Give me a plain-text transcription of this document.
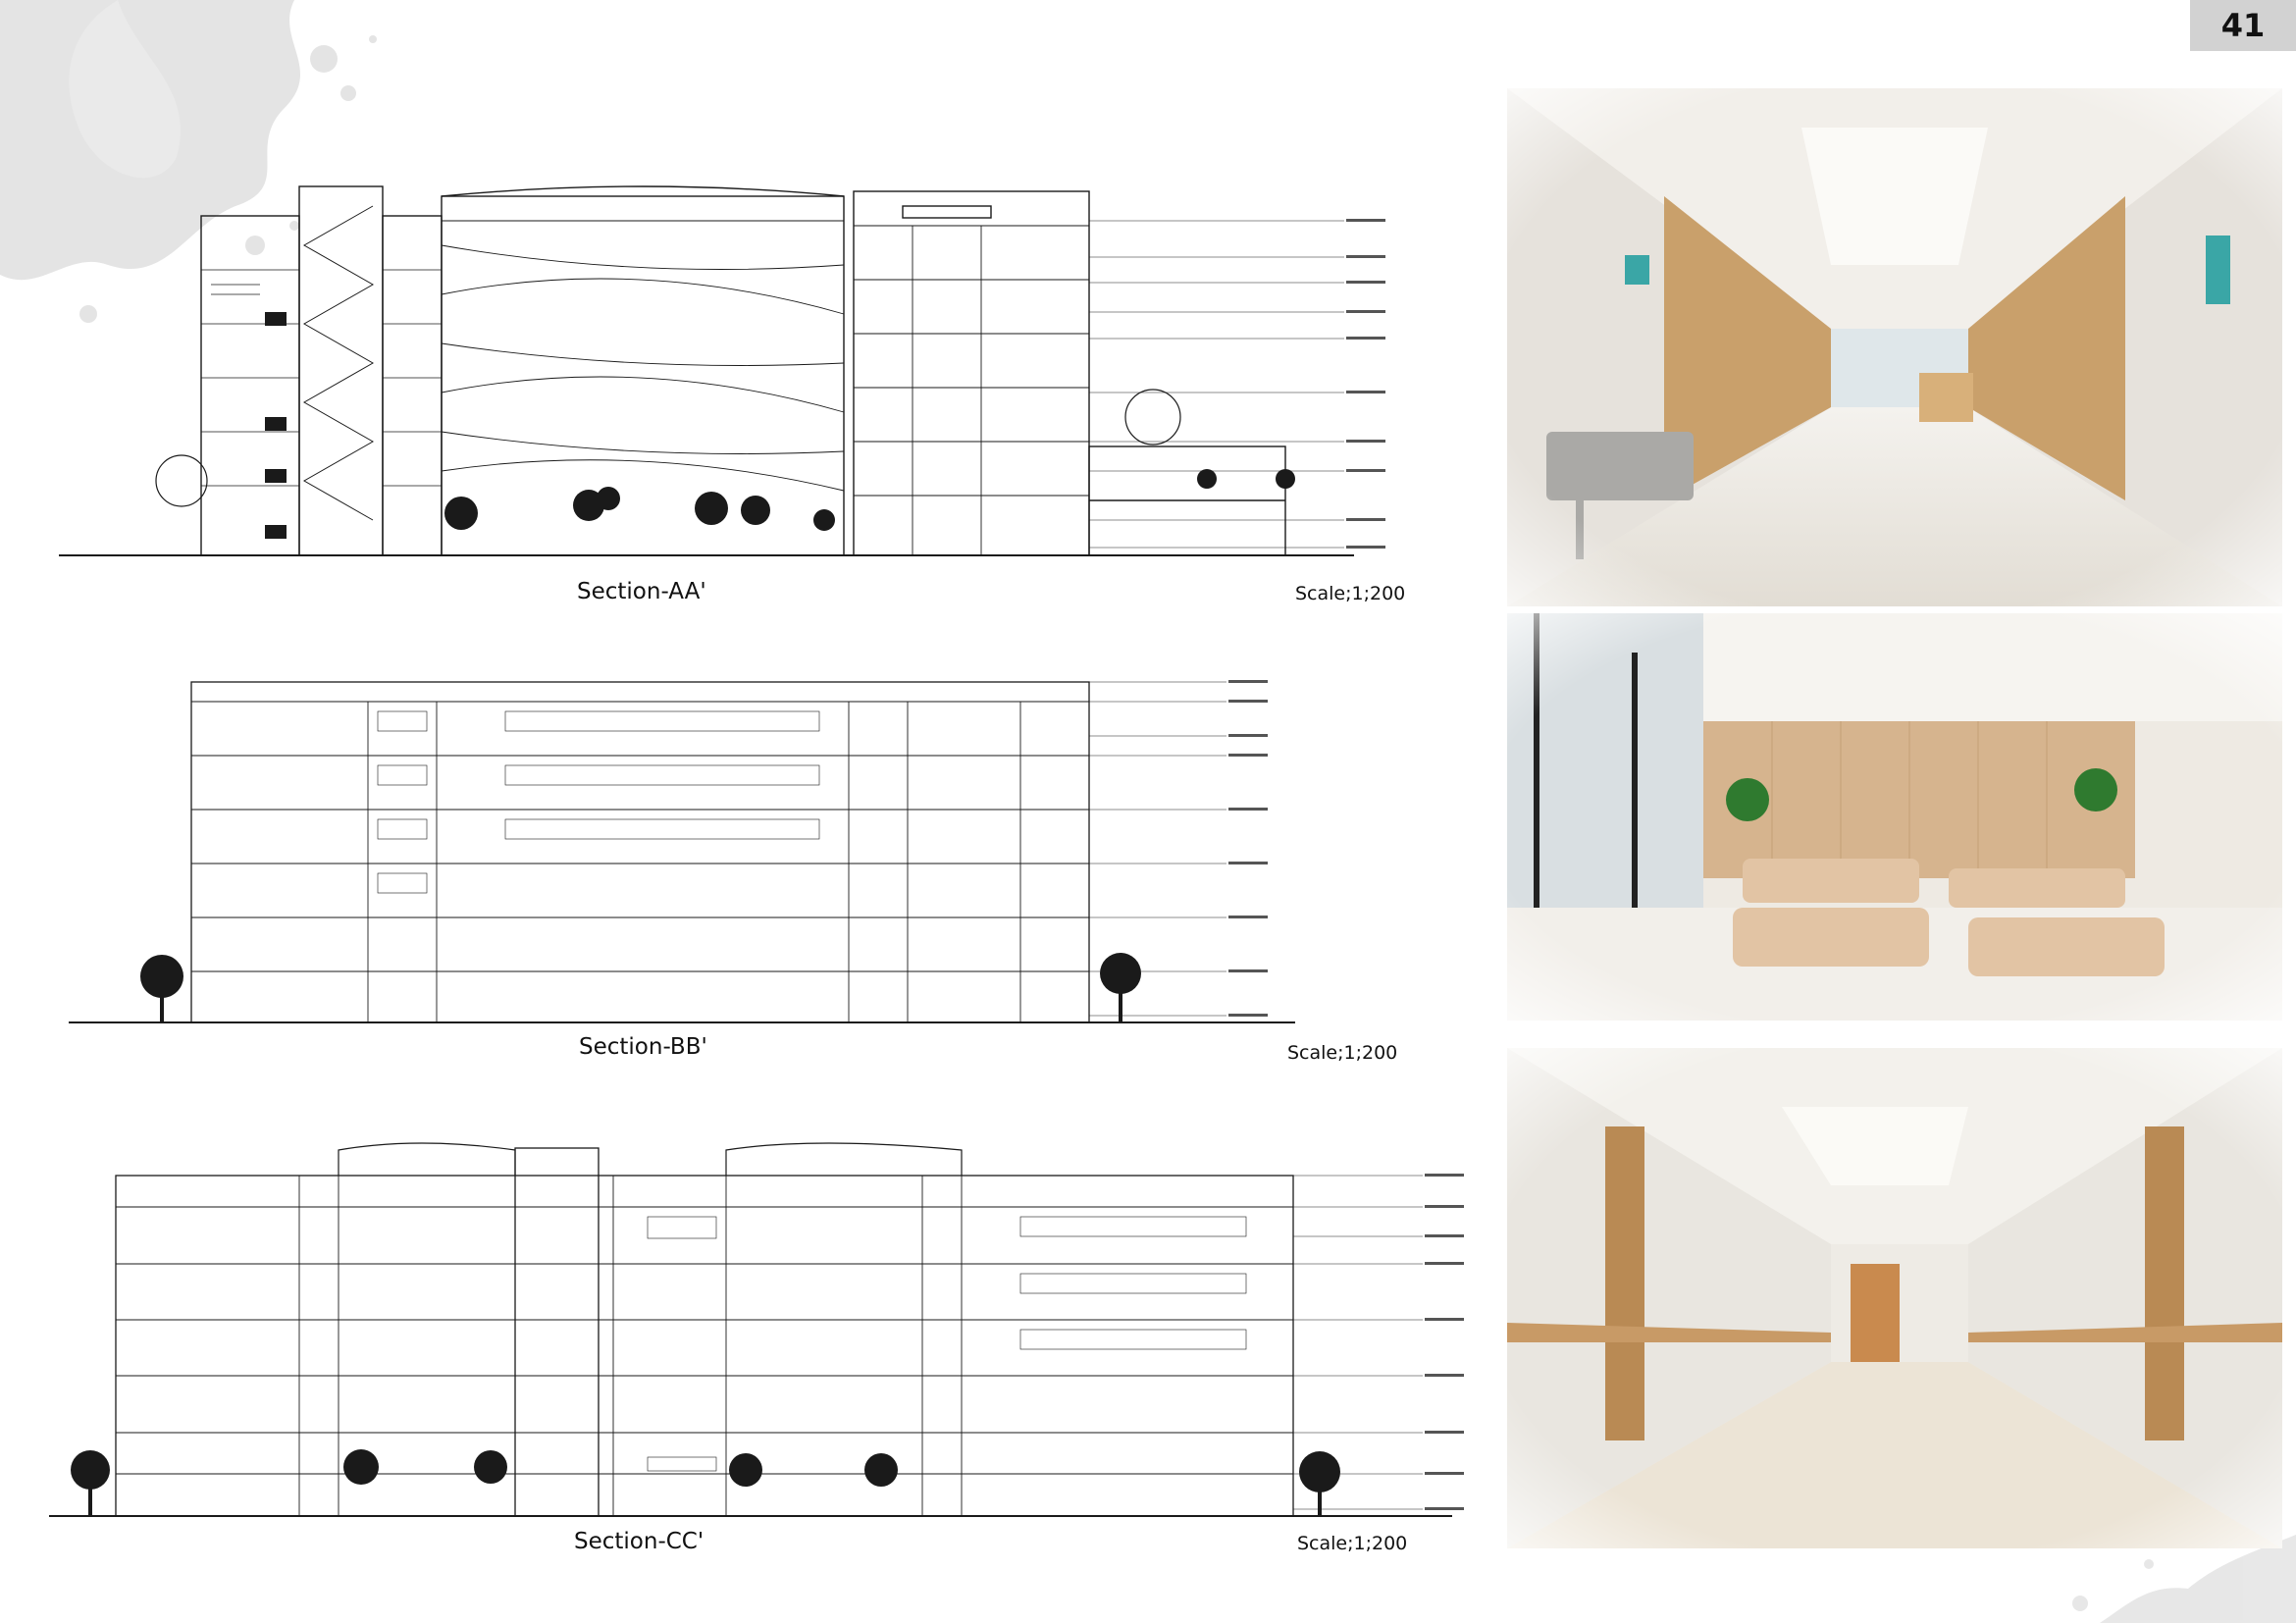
41
Section-AA'	Scale;1;200
Section-BB'	Scale;1;200
Section-CC'	Scale;1;200
